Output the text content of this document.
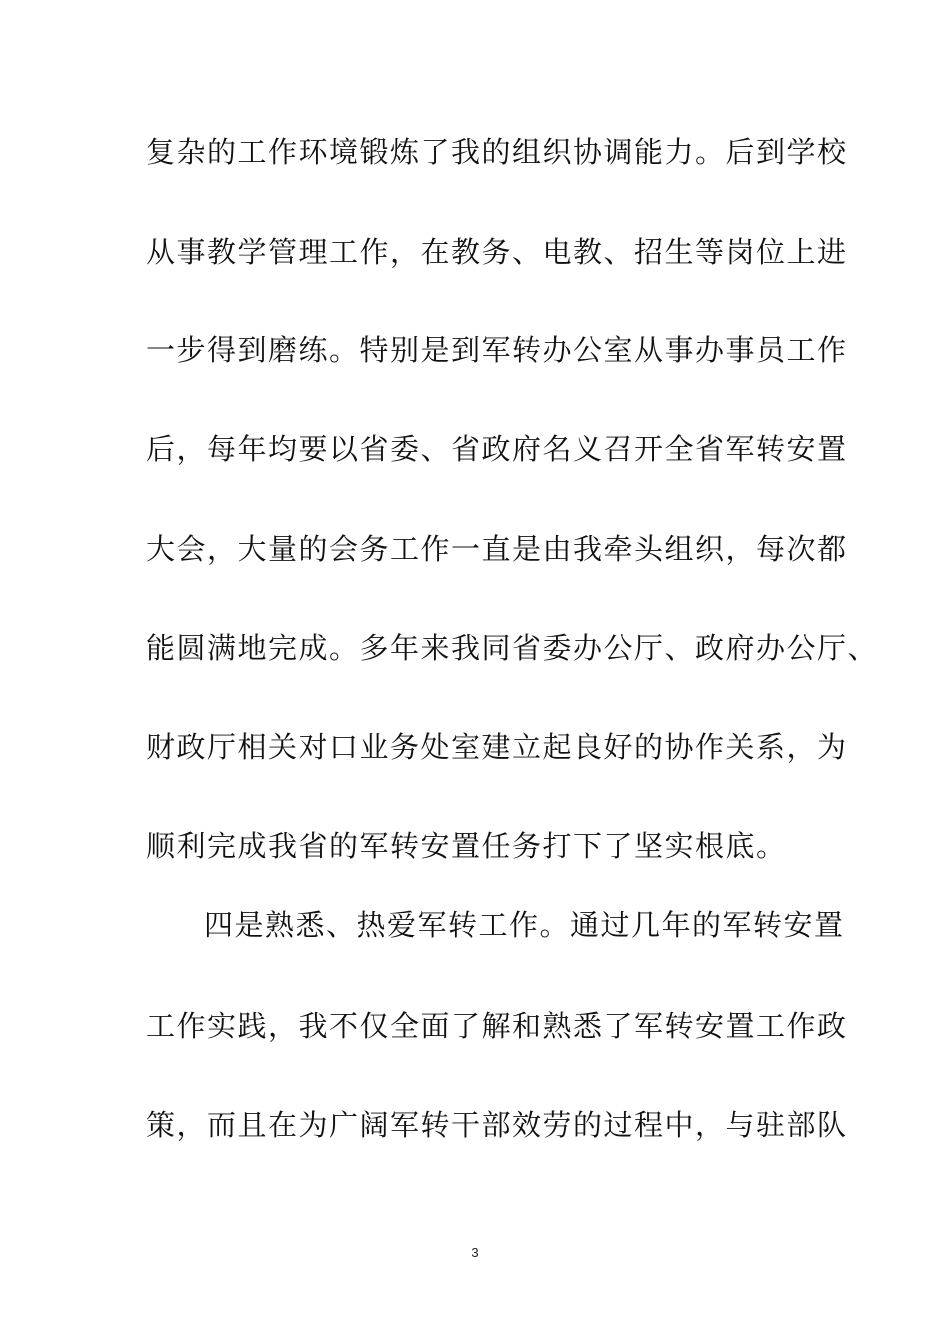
复杂的工作环境锻炼了我的组织协调能力。后到学校
从事教学管理工作，在教务、电教、招生等岗位上进
一步得到磨练。特别是到军转办公室从事办事员工作
后，每年均要以省委、省政府名义召开全省军转安置
大会，大量的会务工作一直是由我牵头组织，每次都
能圆满地完成。多年来我同省委办公厅、政府办公厅、
财政厅相关对口业务处室建立起良好的协作关系，为
顺利完成我省的军转安置任务打下了坚实根底。
四是熟悉、热爱军转工作。通过几年的军转安置
工作实践，我不仅全面了解和熟悉了军转安置工作政
策，而且在为广阔军转干部效劳的过程中，与驻部队
3
